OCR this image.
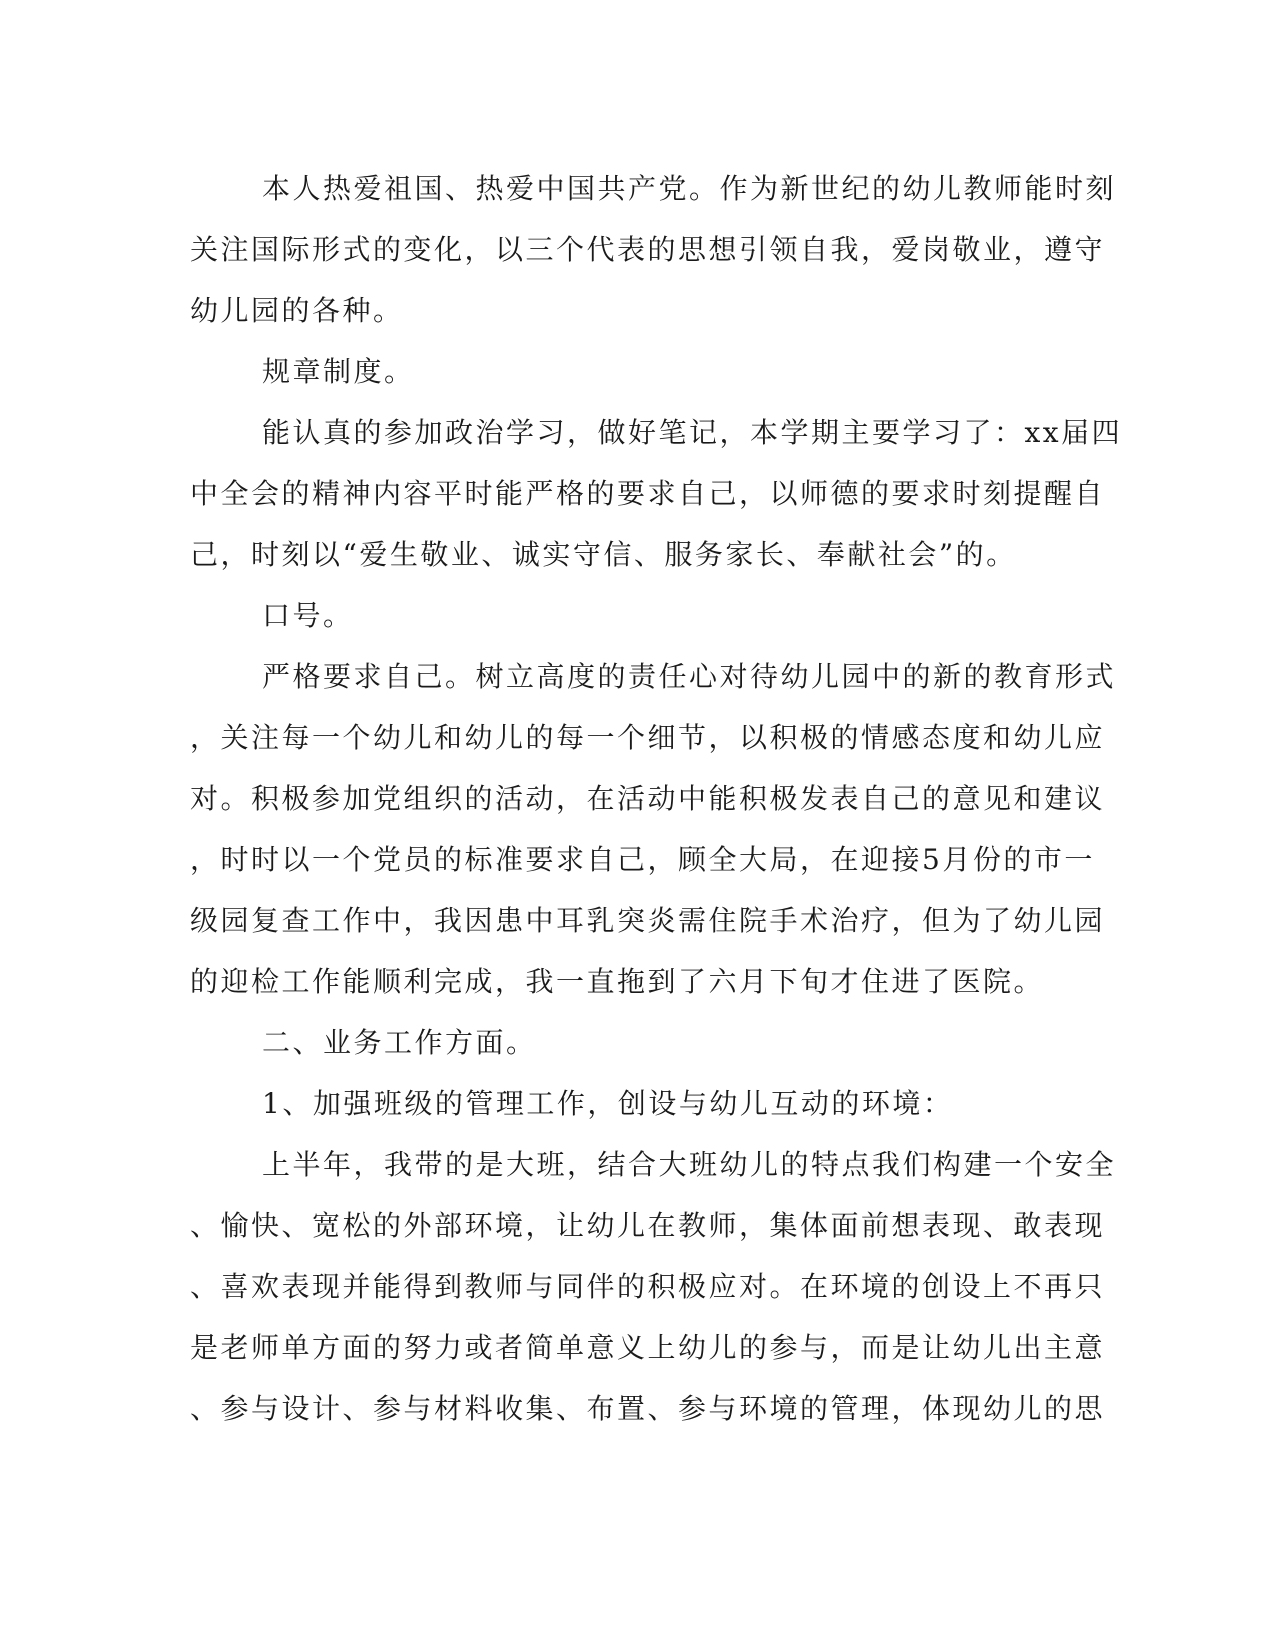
本人热爱祖国、热爱中国共产党。作为新世纪的幼儿教师能时刻
关注国际形式的变化，以三个代表的思想引领自我，爱岗敬业，遵守
幼儿园的各种。
规章制度。
能认真的参加政治学习，做好笔记，本学期主要学习了：xx届四
中全会的精神内容平时能严格的要求自己，以师德的要求时刻提醒自
己，时刻以“爱生敬业、诚实守信、服务家长、奉献社会”的。
口号。
严格要求自己。树立高度的责任心对待幼儿园中的新的教育形式
，关注每一个幼儿和幼儿的每一个细节，以积极的情感态度和幼儿应
对。积极参加党组织的活动，在活动中能积极发表自己的意见和建议
，时时以一个党员的标准要求自己，顾全大局，在迎接5月份的市一
级园复查工作中，我因患中耳乳突炎需住院手术治疗，但为了幼儿园
的迎检工作能顺利完成，我一直拖到了六月下旬才住进了医院。
二、业务工作方面。
1、加强班级的管理工作，创设与幼儿互动的环境：
上半年，我带的是大班，结合大班幼儿的特点我们构建一个安全
、愉快、宽松的外部环境，让幼儿在教师，集体面前想表现、敢表现
、喜欢表现并能得到教师与同伴的积极应对。在环境的创设上不再只
是老师单方面的努力或者简单意义上幼儿的参与，而是让幼儿出主意
、参与设计、参与材料收集、布置、参与环境的管理，体现幼儿的思
